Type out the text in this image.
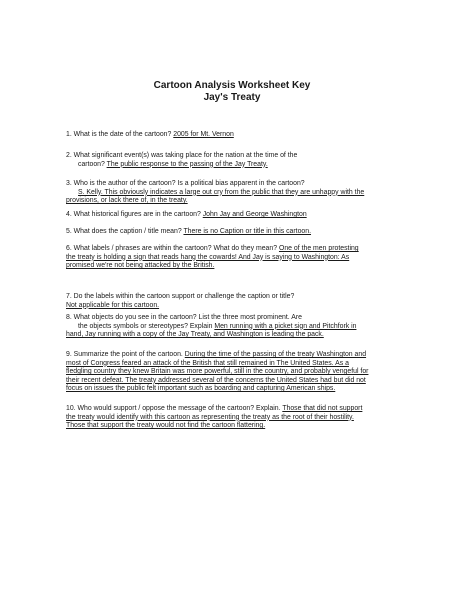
Cartoon Analysis Worksheet Key
Jay's Treaty
1. What is the date of the cartoon? 2005 for Mt. Vernon
2. What significant event(s) was taking place for the nation at the time of the
cartoon? The public response to the passing of the Jay Treaty.
3. Who is the author of the cartoon? Is a political bias apparent in the cartoon?
S. Kelly. This obviously indicates a large out cry from the public that they are unhappy with the
provisions, or lack there of, in the treaty.
4. What historical figures are in the cartoon? John Jay and George Washington
5. What does the caption / title mean? There is no Caption or title in this cartoon.
6. What labels / phrases are within the cartoon? What do they mean? One of the men protesting
the treaty is holding a sign that reads hang the cowards! And Jay is saying to Washington: As
promised we're not being attacked by the British.
7. Do the labels within the cartoon support or challenge the caption or title?
Not applicable for this cartoon.
8. What objects do you see in the cartoon? List the three most prominent. Are
the objects symbols or stereotypes? Explain Men running with a picket sign and Pitchfork in
hand, Jay running with a copy of the Jay Treaty, and Washington is leading the pack.
9. Summarize the point of the cartoon. During the time of the passing of the treaty Washington and
most of Congress feared an attack of the British that still remained in The United States. As a
fledgling country they knew Britain was more powerful, still in the country, and probably vengeful for
their recent defeat. The treaty addressed several of the concerns the United States had but did not
focus on issues the public felt important such as boarding and capturing American ships.
10. Who would support / oppose the message of the cartoon? Explain. Those that did not support
the treaty would identify with this cartoon as representing the treaty as the root of their hostility.
Those that support the treaty would not find the cartoon flattering.
